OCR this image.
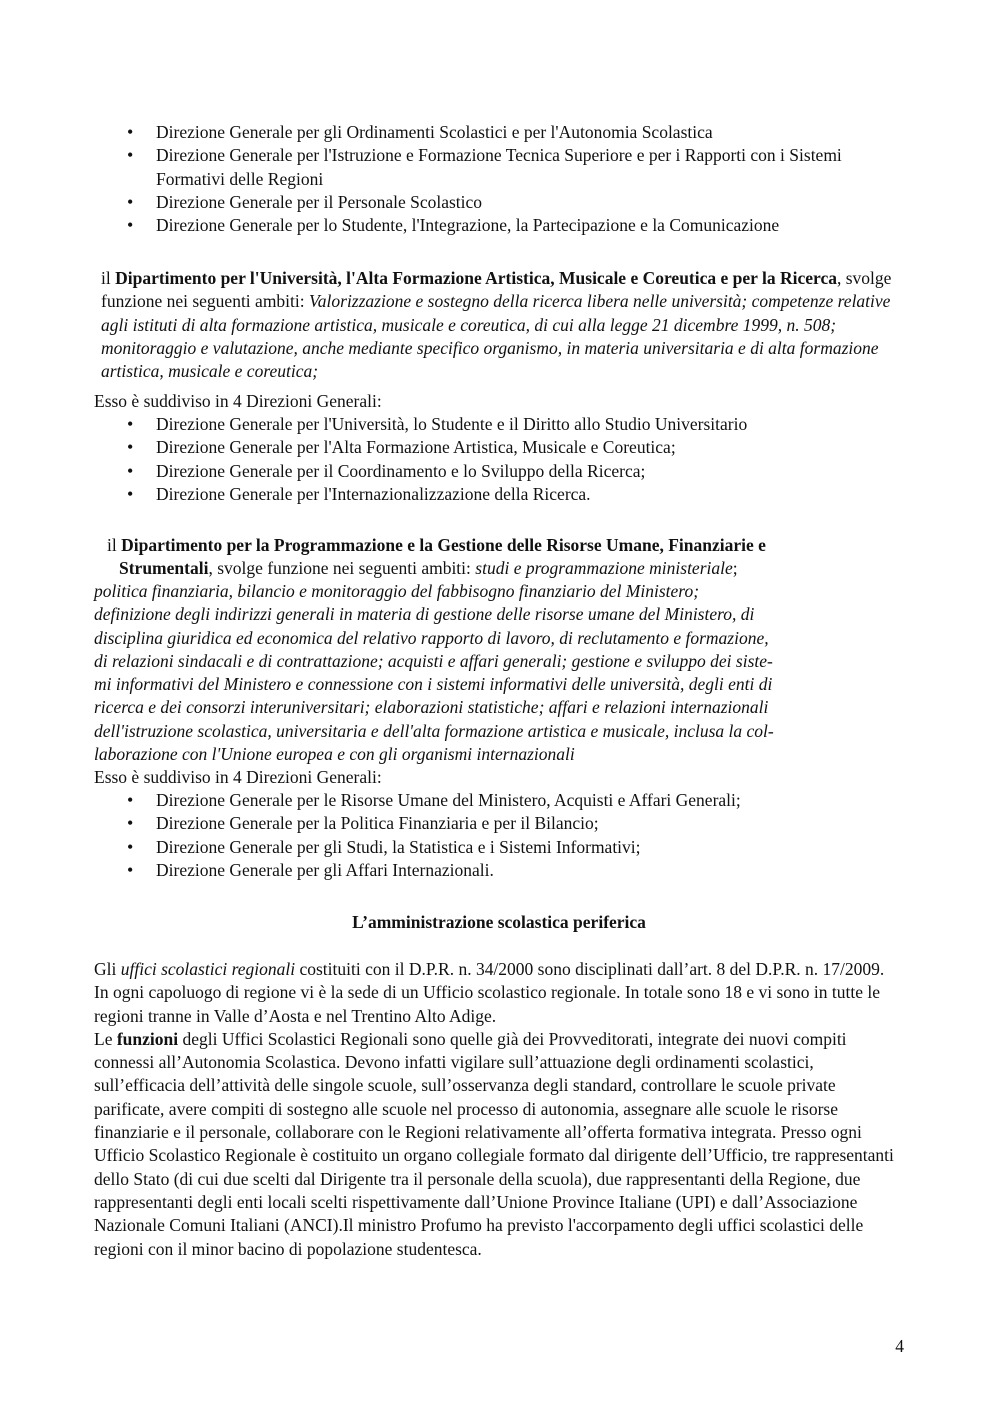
• Direzione Generale per gli Ordinamenti Scolastici e per l'Autonomia Scolastica
• Direzione Generale per l'Istruzione e Formazione Tecnica Superiore e per i Rapporti con i Sistemi Formativi delle Regioni
• Direzione Generale per il Personale Scolastico
• Direzione Generale per lo Studente, l'Integrazione, la Partecipazione e la Comunicazione
il Dipartimento per l'Università, l'Alta Formazione Artistica, Musicale e Coreutica e per la Ricerca, svolge funzione nei seguenti ambiti: Valorizzazione e sostegno della ricerca libera nelle università; competenze relative agli istituti di alta formazione artistica, musicale e coreutica, di cui alla legge 21 dicembre 1999, n. 508; monitoraggio e valutazione, anche mediante specifico organismo, in materia universitaria e di alta formazione artistica, musicale e coreutica;
Esso è suddiviso in 4 Direzioni Generali:
• Direzione Generale per l'Università, lo Studente e il Diritto allo Studio Universitario
• Direzione Generale per l'Alta Formazione Artistica, Musicale e Coreutica;
• Direzione Generale per il Coordinamento e lo Sviluppo della Ricerca;
• Direzione Generale per l'Internazionalizzazione della Ricerca.
il Dipartimento per la Programmazione e la Gestione delle Risorse Umane, Finanziarie e
Strumentali, svolge funzione nei seguenti ambiti: studi e programmazione ministeriale;
politica finanziaria, bilancio e monitoraggio del fabbisogno finanziario del Ministero;
definizione degli indirizzi generali in materia di gestione delle risorse umane del Ministero, di
disciplina giuridica ed economica del relativo rapporto di lavoro, di reclutamento e formazione,
di relazioni sindacali e di contrattazione; acquisti e affari generali; gestione e sviluppo dei siste-
mi informativi del Ministero e connessione con i sistemi informativi delle università, degli enti di
ricerca e dei consorzi interuniversitari; elaborazioni statistiche; affari e relazioni internazionali
dell'istruzione scolastica, universitaria e dell'alta formazione artistica e musicale, inclusa la col-
laborazione con l'Unione europea e con gli organismi internazionali
Esso è suddiviso in 4 Direzioni Generali:
• Direzione Generale per le Risorse Umane del Ministero, Acquisti e Affari Generali;
• Direzione Generale per la Politica Finanziaria e per il Bilancio;
• Direzione Generale per gli Studi, la Statistica e i Sistemi Informativi;
• Direzione Generale per gli Affari Internazionali.
L’amministrazione scolastica periferica
Gli uffici scolastici regionali costituiti con il D.P.R. n. 34/2000 sono disciplinati dall’art. 8 del D.P.R. n. 17/2009. In ogni capoluogo di regione vi è la sede di un Ufficio scolastico regionale. In totale sono 18 e vi sono in tutte le regioni tranne in Valle d’Aosta e nel Trentino Alto Adige.
Le funzioni degli Uffici Scolastici Regionali sono quelle già dei Provveditorati, integrate dei nuovi compiti connessi all’Autonomia Scolastica. Devono infatti vigilare sull’attuazione degli ordinamenti scolastici, sull’efficacia dell’attività delle singole scuole, sull’osservanza degli standard, controllare le scuole private parificate, avere compiti di sostegno alle scuole nel processo di autonomia, assegnare alle scuole le risorse finanziarie e il personale, collaborare con le Regioni relativamente all’offerta formativa integrata. Presso ogni Ufficio Scolastico Regionale è costituito un organo collegiale formato dal dirigente dell’Ufficio, tre rappresentanti dello Stato (di cui due scelti dal Dirigente tra il personale della scuola), due rappresentanti della Regione, due rappresentanti degli enti locali scelti rispettivamente dall’Unione Province Italiane (UPI) e dall’Associazione Nazionale Comuni Italiani (ANCI).Il ministro Profumo ha previsto l'accorpamento degli uffici scolastici delle regioni con il minor bacino di popolazione studentesca.
4
